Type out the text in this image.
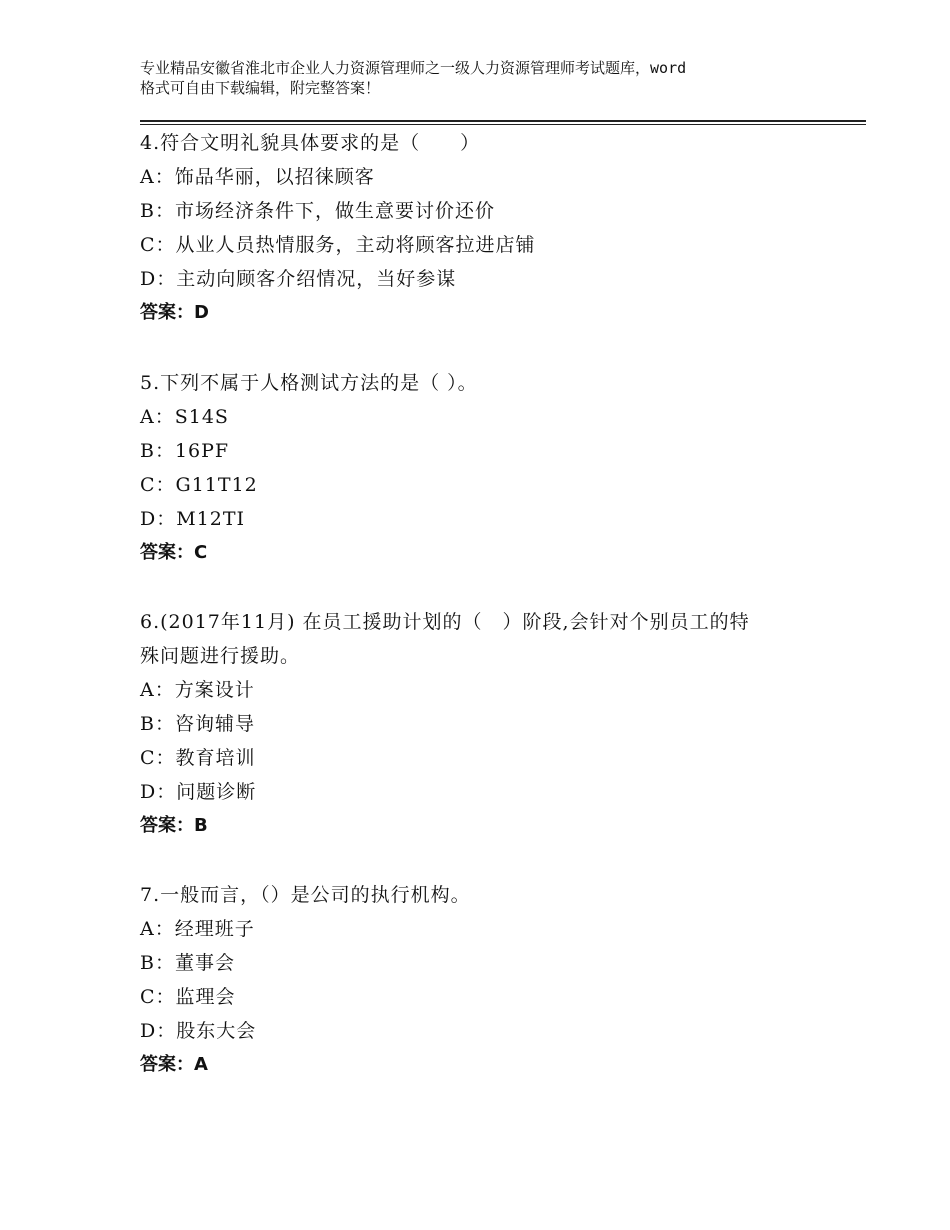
专业精品安徽省淮北市企业人力资源管理师之一级人力资源管理师考试题库，word
格式可自由下载编辑，附完整答案！

4.符合文明礼貌具体要求的是（　　）

A：饰品华丽，以招徕顾客

B：市场经济条件下，做生意要讨价还价

C：从业人员热情服务，主动将顾客拉进店铺

D：主动向顾客介绍情况，当好参谋

答案：D

5.下列不属于人格测试方法的是（ ）。

A：S14S

B：16PF

C：G11T12

D：M12TI

答案：C

6.(2017年11月) 在员工援助计划的（　）阶段,会针对个别员工的特

殊问题进行援助。

A：方案设计

B：咨询辅导

C：教育培训

D：问题诊断

答案：B

7.一般而言，（）是公司的执行机构。

A：经理班子

B：董事会

C：监理会

D：股东大会

答案：A
